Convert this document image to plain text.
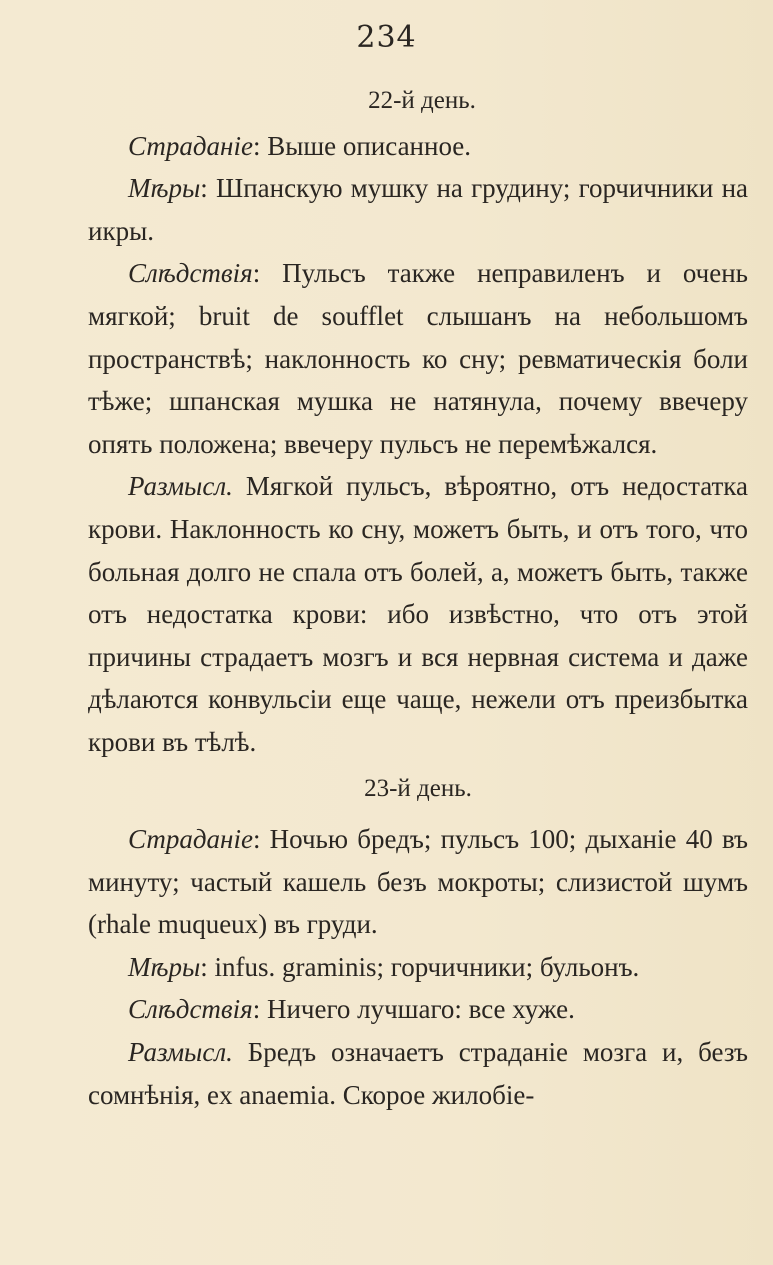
234
22-й день.

Страданіе: Выше описанное.

Мѣры: Шпанскую мушку на грудину; горчичники на икры.

Слѣдствія: Пульсъ также неправиленъ и очень мягкой; bruit de soufflet слышанъ на небольшомъ пространствѣ; наклонность ко сну; ревматическія боли тѣже; шпанская мушка не натянула, почему ввечеру опять положена; ввечеру пульсъ не перемѣжался.

Размысл. Мягкой пульсъ, вѣроятно, отъ недостатка крови. Наклонность ко сну, можетъ быть, и отъ того, что больная долго не спала отъ болей, а, можетъ быть, также отъ недостатка крови: ибо извѣстно, что отъ этой причины страдаетъ мозгъ и вся нервная система и даже дѣлаются конвульсіи еще чаще, нежели отъ преизбытка крови въ тѣлѣ.

23-й день.

Страданіе: Ночью бредъ; пульсъ 100; дыханіе 40 въ минуту; частый кашель безъ мокроты; слизистой шумъ (rhale muqueux) въ груди.

Мѣры: infus. graminis; горчичники; бульонъ.

Слѣдствія: Ничего лучшаго: все хуже.

Размысл. Бредъ означаетъ страданіе мозга и, безъ сомнѣнія, ex anaemia. Скорое жилобіе-
